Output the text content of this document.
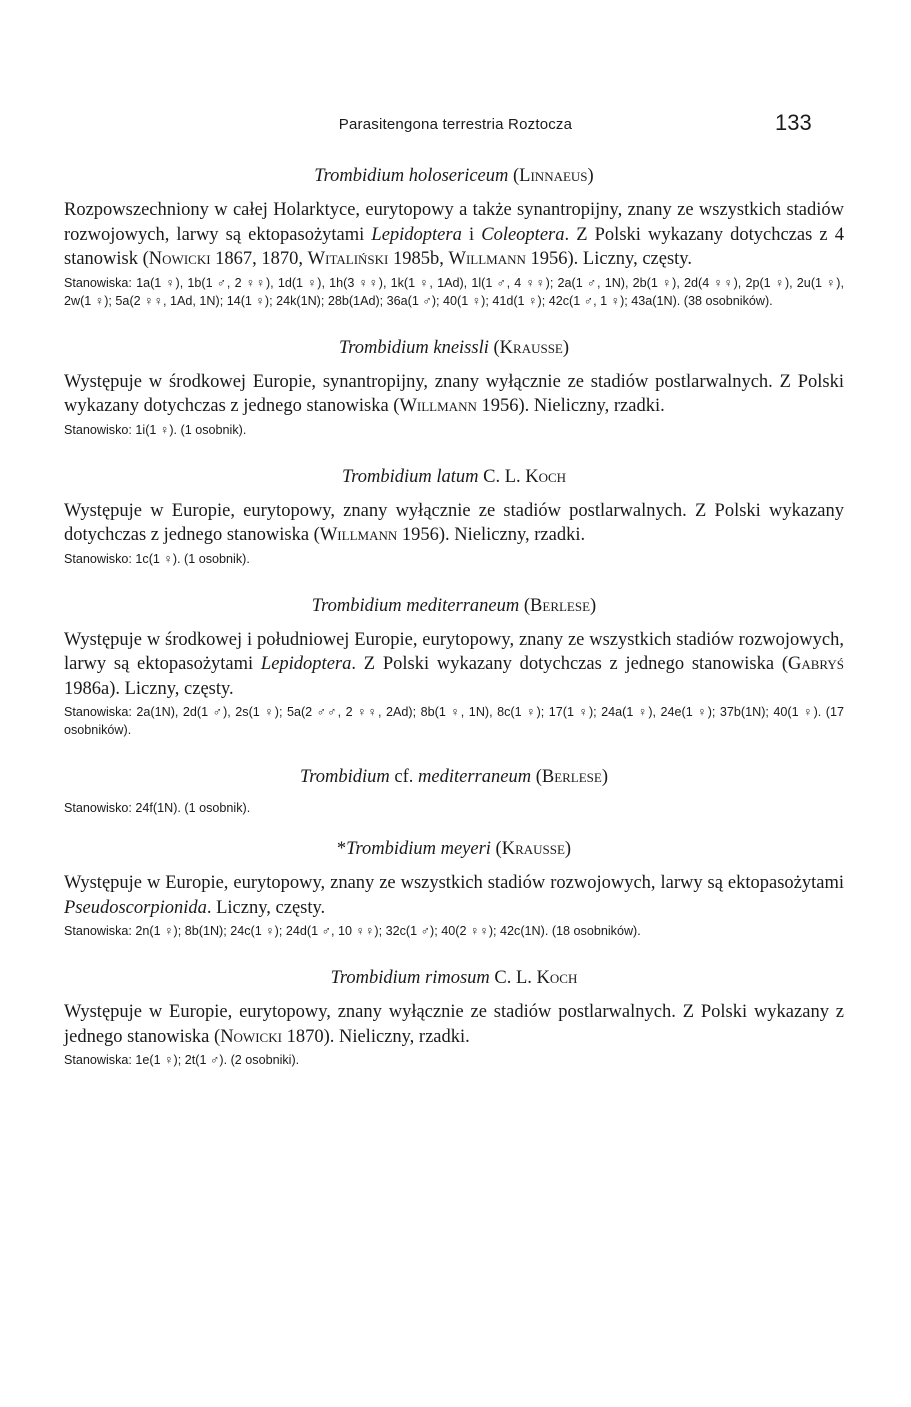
Parasitengona terrestria Roztocza	133

Trombidium holosericeum (Linnaeus)

Rozpowszechniony w całej Holarktyce, eurytopowy a także synantropijny, znany ze wszystkich stadiów rozwojowych, larwy są ektopasożytami Lepidoptera i Coleoptera. Z Polski wykazany dotychczas z 4 stanowisk (Nowicki 1867, 1870, Witaliński 1985b, Willmann 1956). Liczny, częsty.

Stanowiska: 1a(1 ♀), 1b(1 ♂, 2 ♀♀), 1d(1 ♀), 1h(3 ♀♀), 1k(1 ♀, 1Ad), 1l(1 ♂, 4 ♀♀); 2a(1 ♂, 1N), 2b(1 ♀), 2d(4 ♀♀), 2p(1 ♀), 2u(1 ♀), 2w(1 ♀); 5a(2 ♀♀, 1Ad, 1N); 14(1 ♀); 24k(1N); 28b(1Ad); 36a(1 ♂); 40(1 ♀); 41d(1 ♀); 42c(1 ♂, 1 ♀); 43a(1N). (38 osobników).

Trombidium kneissli (Krausse)

Występuje w środkowej Europie, synantropijny, znany wyłącznie ze stadiów postlarwalnych. Z Polski wykazany dotychczas z jednego stanowiska (Willmann 1956). Nieliczny, rzadki.

Stanowisko: 1i(1 ♀). (1 osobnik).

Trombidium latum C. L. Koch

Występuje w Europie, eurytopowy, znany wyłącznie ze stadiów postlarwalnych. Z Polski wykazany dotychczas z jednego stanowiska (Willmann 1956). Nieliczny, rzadki.

Stanowisko: 1c(1 ♀). (1 osobnik).

Trombidium mediterraneum (Berlese)

Występuje w środkowej i południowej Europie, eurytopowy, znany ze wszystkich stadiów rozwojowych, larwy są ektopasożytami Lepidoptera. Z Polski wykazany dotychczas z jednego stanowiska (Gabryś 1986a). Liczny, częsty.

Stanowiska: 2a(1N), 2d(1 ♂), 2s(1 ♀); 5a(2 ♂♂, 2 ♀♀, 2Ad); 8b(1 ♀, 1N), 8c(1 ♀); 17(1 ♀); 24a(1 ♀), 24e(1 ♀); 37b(1N); 40(1 ♀). (17 osobników).

Trombidium cf. mediterraneum (Berlese)

Stanowisko: 24f(1N). (1 osobnik).

*Trombidium meyeri (Krausse)

Występuje w Europie, eurytopowy, znany ze wszystkich stadiów rozwojowych, larwy są ektopasożytami Pseudoscorpionida. Liczny, częsty.

Stanowiska: 2n(1 ♀); 8b(1N); 24c(1 ♀); 24d(1 ♂, 10 ♀♀); 32c(1 ♂); 40(2 ♀♀); 42c(1N). (18 osobników).

Trombidium rimosum C. L. Koch

Występuje w Europie, eurytopowy, znany wyłącznie ze stadiów postlarwalnych. Z Polski wykazany z jednego stanowiska (Nowicki 1870). Nieliczny, rzadki.

Stanowiska: 1e(1 ♀); 2t(1 ♂). (2 osobniki).
